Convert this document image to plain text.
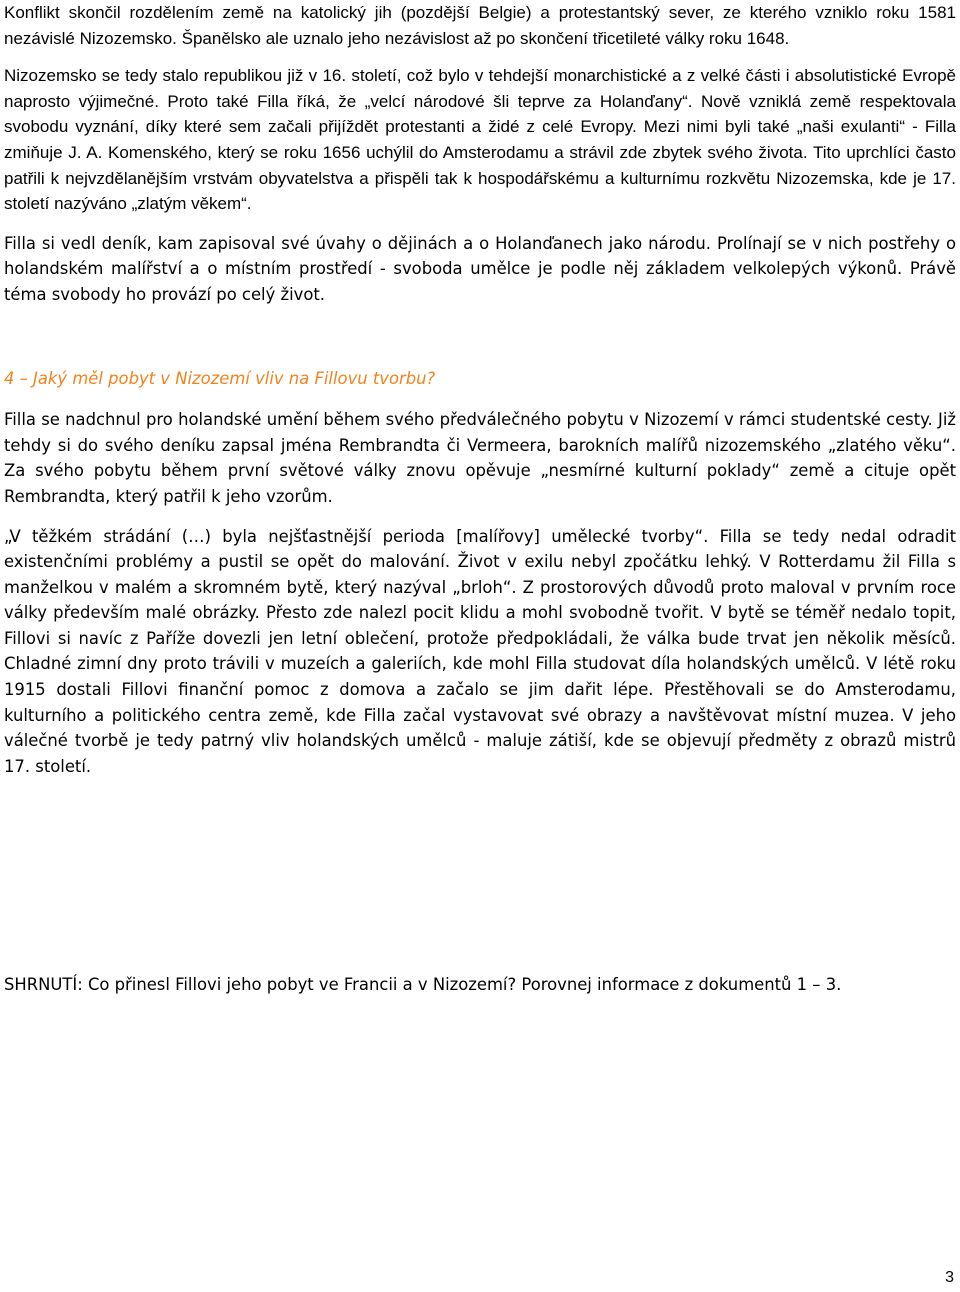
Konflikt skončil rozdělením země na katolický jih (pozdější Belgie) a protestantský sever, ze kterého vzniklo roku 1581 nezávislé Nizozemsko. Španělsko ale uznalo jeho nezávislost až po skončení třicetileté války roku 1648.

Nizozemsko se tedy stalo republikou již v 16. století, což bylo v tehdejší monarchistické a z velké části i absolutistické Evropě naprosto výjimečné. Proto také Filla říká, že „velcí národové šli teprve za Holanďany“. Nově vzniklá země respektovala svobodu vyznání, díky které sem začali přijíždět protestanti a židé z celé Evropy. Mezi nimi byli také „naši exulanti“ - Filla zmiňuje J. A. Komenského, který se roku 1656 uchýlil do Amsterodamu a strávil zde zbytek svého života. Tito uprchlíci často patřili k nejvzdělanějším vrstvám obyvatelstva a přispěli tak k hospodářskému a kulturnímu rozkvětu Nizozemska, kde je 17. století nazýváno „zlatým věkem“.

Filla si vedl deník, kam zapisoval své úvahy o dějinách a o Holanďanech jako národu. Prolínají se v nich postřehy o holandském malířství a o místním prostředí - svoboda umělce je podle něj základem velkolepých výkonů. Právě téma svobody ho provází po celý život.

4 – Jaký měl pobyt v Nizozemí vliv na Fillovu tvorbu?

Filla se nadchnul pro holandské umění během svého předválečného pobytu v Nizozemí v rámci studentské cesty. Již tehdy si do svého deníku zapsal jména Rembrandta či Vermeera, barokních malířů nizozemského „zlatého věku“. Za svého pobytu během první světové války znovu opěvuje „nesmírné kulturní poklady“ země a cituje opět Rembrandta, který patřil k jeho vzorům.

„V těžkém strádání (…) byla nejšťastnější perioda [malířovy] umělecké tvorby“. Filla se tedy nedal odradit existenčními problémy a pustil se opět do malování. Život v exilu nebyl zpočátku lehký. V Rotterdamu žil Filla s manželkou v malém a skromném bytě, který nazýval „brloh“. Z prostorových důvodů proto maloval v prvním roce války především malé obrázky. Přesto zde nalezl pocit klidu a mohl svobodně tvořit. V bytě se téměř nedalo topit, Fillovi si navíc z Paříže dovezli jen letní oblečení, protože předpokládali, že válka bude trvat jen několik měsíců. Chladné zimní dny proto trávili v muzeích a galeriích, kde mohl Filla studovat díla holandských umělců. V létě roku 1915 dostali Fillovi finanční pomoc z domova a začalo se jim dařit lépe. Přestěhovali se do Amsterodamu, kulturního a politického centra země, kde Filla začal vystavovat své obrazy a navštěvovat místní muzea. V jeho válečné tvorbě je tedy patrný vliv holandských umělců - maluje zátiší, kde se objevují předměty z obrazů mistrů 17. století.

SHRNUTÍ: Co přinesl Fillovi jeho pobyt ve Francii a v Nizozemí? Porovnej informace z dokumentů 1 – 3.
3
